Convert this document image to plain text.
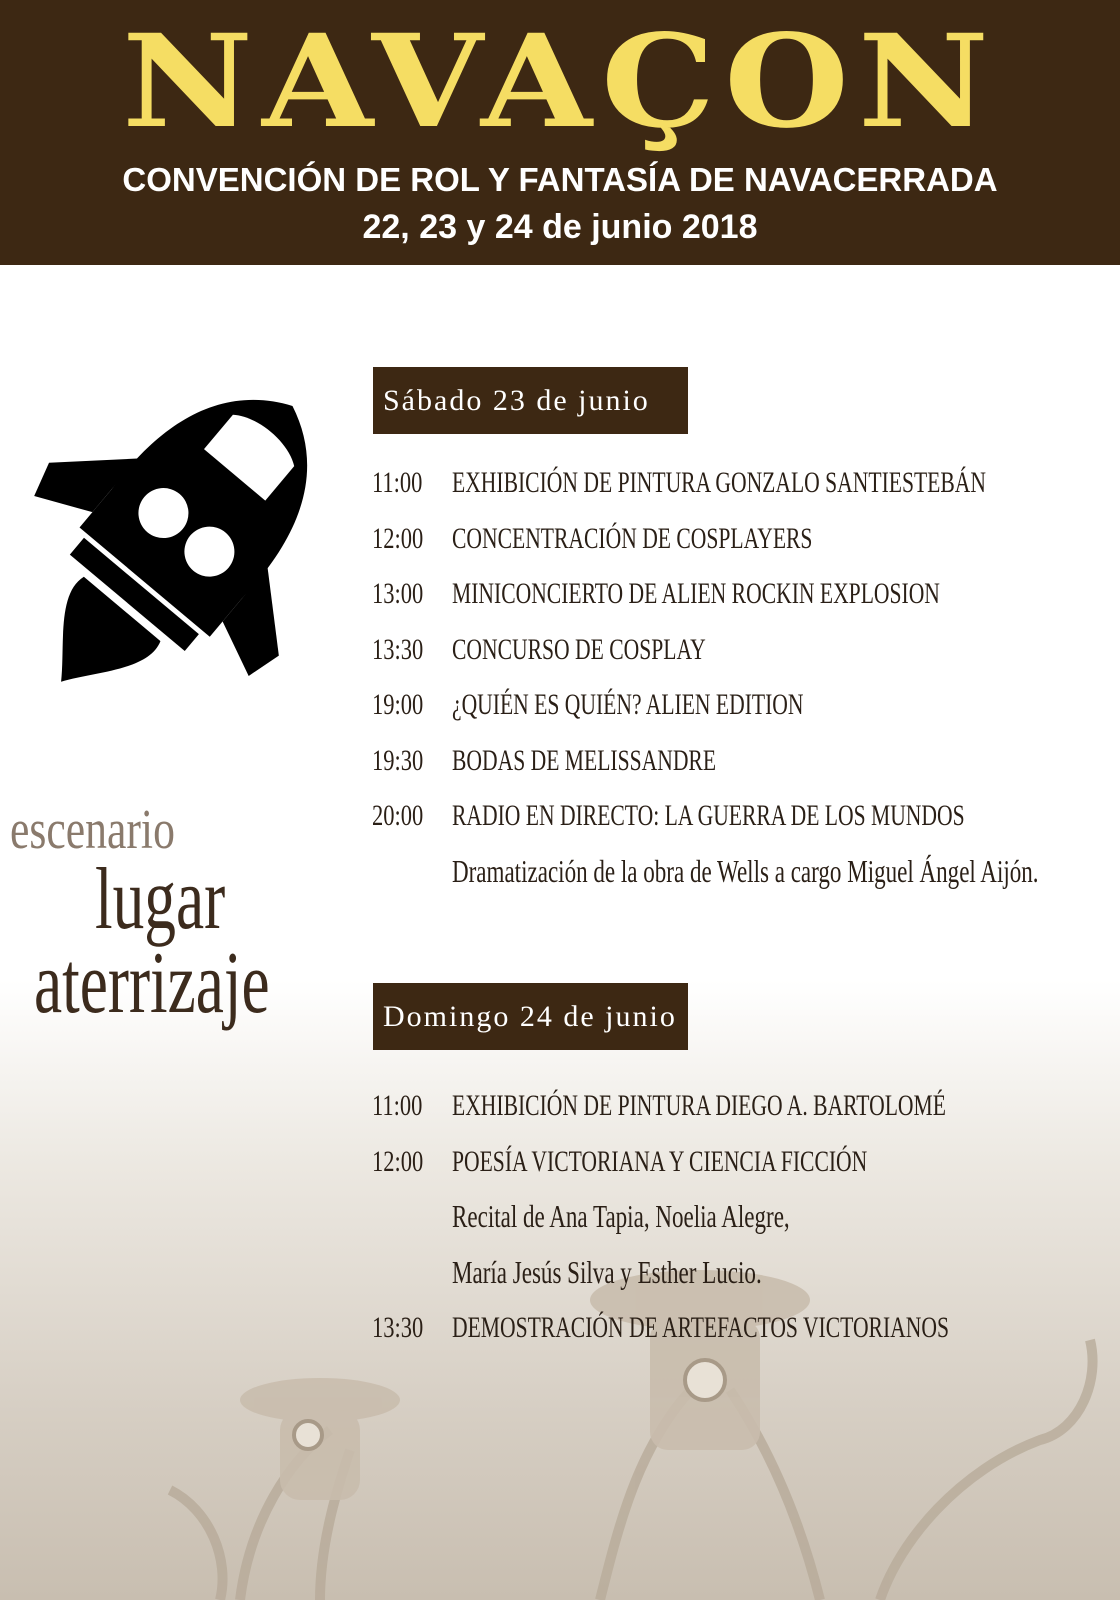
NAVAÇON
CONVENCIÓN DE ROL Y FANTASÍA DE NAVACERRADA
22, 23 y 24 de junio 2018
escenario
lugar
aterrizaje
Sábado 23 de junio
11:00 EXHIBICIÓN DE PINTURA GONZALO SANTIESTEBÁN
12:00 CONCENTRACIÓN DE COSPLAYERS
13:00 MINICONCIERTO DE ALIEN ROCKIN EXPLOSION
13:30 CONCURSO DE COSPLAY
19:00 ¿QUIÉN ES QUIÉN? ALIEN EDITION
19:30 BODAS DE MELISSANDRE
20:00 RADIO EN DIRECTO: LA GUERRA DE LOS MUNDOS
Dramatización de la obra de Wells a cargo Miguel Ángel Aijón.
Domingo 24 de junio
11:00 EXHIBICIÓN DE PINTURA DIEGO A. BARTOLOMÉ
12:00 POESÍA VICTORIANA Y CIENCIA FICCIÓN
Recital de Ana Tapia, Noelia Alegre,
María Jesús Silva y Esther Lucio.
13:30 DEMOSTRACIÓN DE ARTEFACTOS VICTORIANOS
